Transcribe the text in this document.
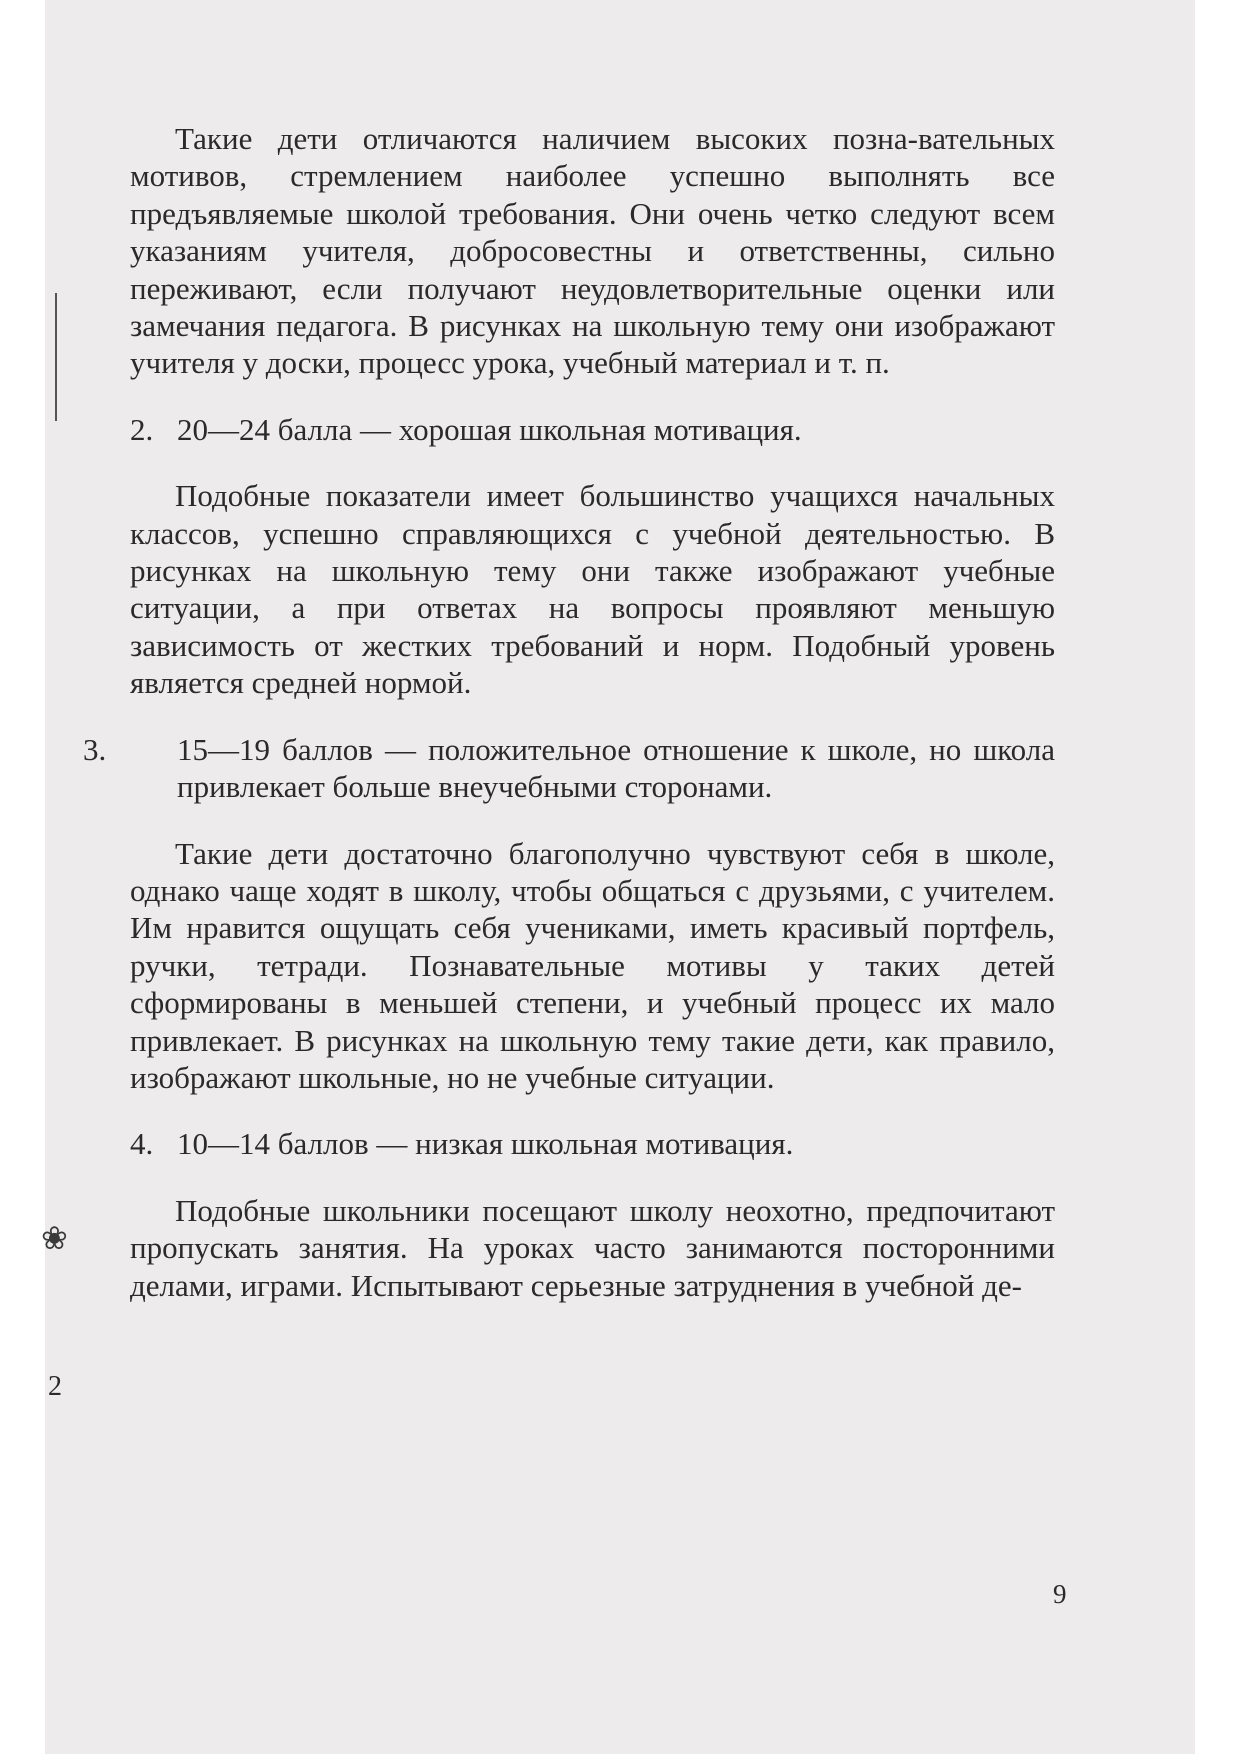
❀
2

Такие дети отличаются наличием высоких позна-вательных мотивов, стремлением наиболее успешно выполнять все предъявляемые школой требования. Они очень четко следуют всем указаниям учителя, добросовестны и ответственны, сильно переживают, если получают неудовлетворительные оценки или замечания педагога. В рисунках на школьную тему они изображают учителя у доски, процесс урока, учебный материал и т. п.

2. 20—24 балла — хорошая школьная мотивация.

Подобные показатели имеет большинство учащихся начальных классов, успешно справляющихся с учебной деятельностью. В рисунках на школьную тему они также изображают учебные ситуации, а при ответах на вопросы проявляют меньшую зависимость от жестких требований и норм. Подобный уровень является средней нормой.

3. 15—19 баллов — положительное отношение к школе, но школа привлекает больше внеучебными сторонами.

Такие дети достаточно благополучно чувствуют себя в школе, однако чаще ходят в школу, чтобы общаться с друзьями, с учителем. Им нравится ощущать себя учениками, иметь красивый портфель, ручки, тетради. Познавательные мотивы у таких детей сформированы в меньшей степени, и учебный процесс их мало привлекает. В рисунках на школьную тему такие дети, как правило, изображают школьные, но не учебные ситуации.

4. 10—14 баллов — низкая школьная мотивация.

Подобные школьники посещают школу неохотно, предпочитают пропускать занятия. На уроках часто занимаются посторонними делами, играми. Испытывают серьезные затруднения в учебной де-

9
